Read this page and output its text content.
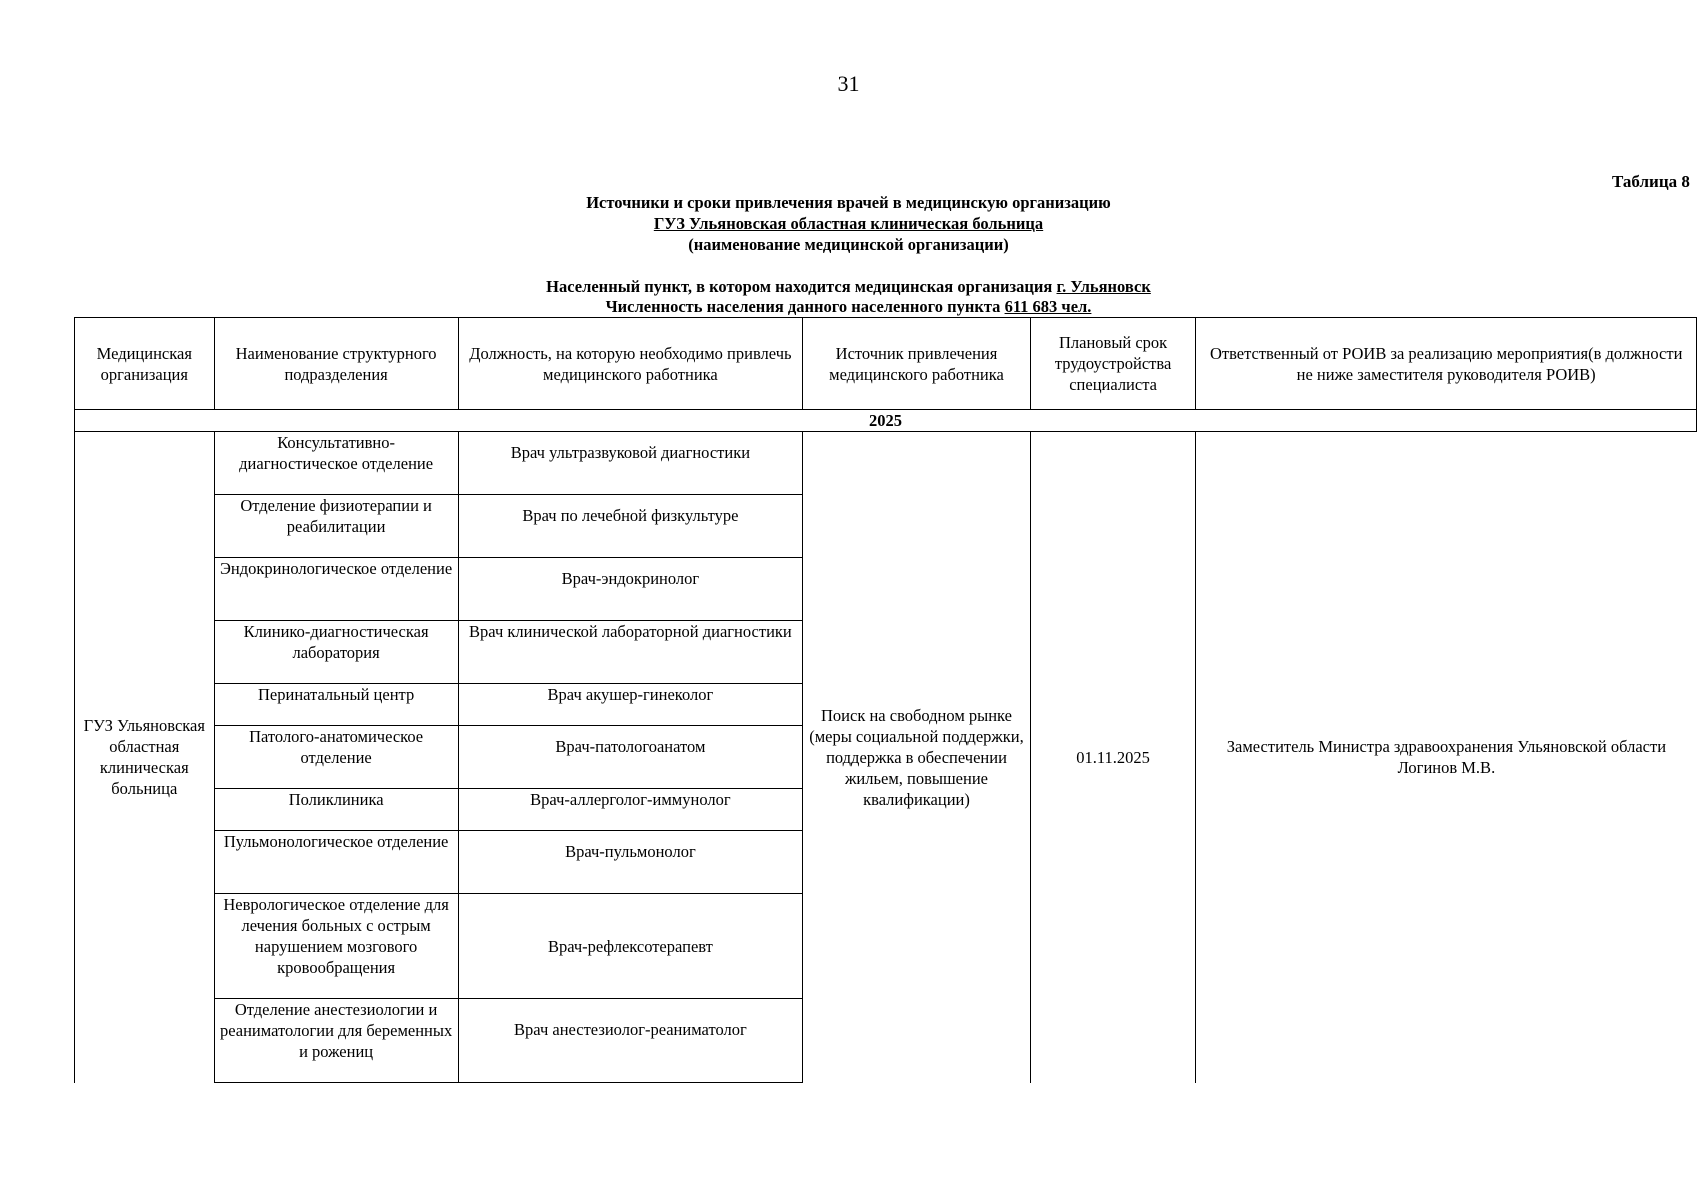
31
Таблица 8
Источники и сроки привлечения врачей в медицинскую организацию
ГУЗ Ульяновская областная клиническая больница
(наименование медицинской организации)
Населенный пункт, в котором находится медицинская организация г. Ульяновск
Численность населения данного населенного пункта 611 683 чел.
Медицинская организация	Наименование структурного подразделения	Должность, на которую необходимо привлечь медицинского работника	Источник привлечения медицинского работника	Плановый срок трудоустройства специалиста	Ответственный от РОИВ за реализацию мероприятия(в должности не ниже заместителя руководителя РОИВ)
2025					
ГУЗ Ульяновская областная клиническая больница	Консультативно-диагностическое отделение	Врач ультразвуковой диагностики	Поиск на свободном рынке (меры социальной поддержки, поддержка в обеспечении жильем, повышение квалификации)	01.11.2025	Заместитель Министра здравоохранения Ульяновской области Логинов М.В.
	Отделение физиотерапии и реабилитации	Врач по лечебной физкультуре			
	Эндокринологическое отделение	Врач-эндокринолог			
	Клинико-диагностическая лаборатория	Врач клинической лабораторной диагностики			
	Перинатальный центр	Врач акушер-гинеколог			
	Патолого-анатомическое отделение	Врач-патологоанатом			
	Поликлиника	Врач-аллерголог-иммунолог			
	Пульмонологическое отделение	Врач-пульмонолог			
	Неврологическое отделение для лечения больных с острым нарушением мозгового кровообращения	Врач-рефлексотерапевт			
	Отделение анестезиологии и реаниматологии для беременных и рожениц	Врач анестезиолог-реаниматолог			
